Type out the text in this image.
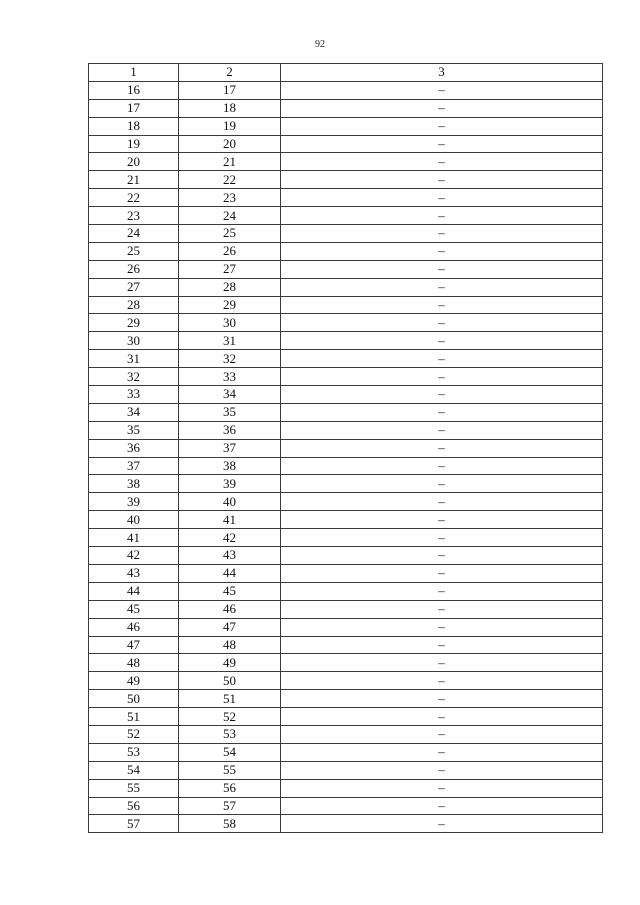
92
1	2	3
16	17	–
17	18	–
18	19	–
19	20	–
20	21	–
21	22	–
22	23	–
23	24	–
24	25	–
25	26	–
26	27	–
27	28	–
28	29	–
29	30	–
30	31	–
31	32	–
32	33	–
33	34	–
34	35	–
35	36	–
36	37	–
37	38	–
38	39	–
39	40	–
40	41	–
41	42	–
42	43	–
43	44	–
44	45	–
45	46	–
46	47	–
47	48	–
48	49	–
49	50	–
50	51	–
51	52	–
52	53	–
53	54	–
54	55	–
55	56	–
56	57	–
57	58	–
